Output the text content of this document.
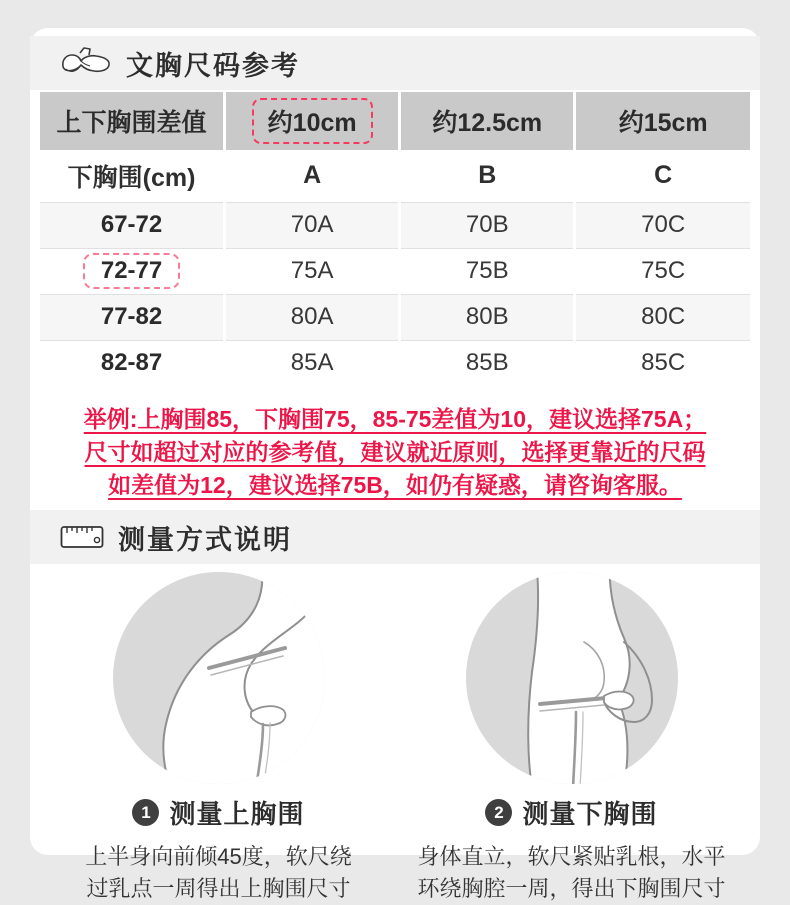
文胸尺码参考
上下胸围差值	约10cm	约12.5cm	约15cm
下胸围(cm)	A	B	C
67-72	70A	70B	70C
72-77	75A	75B	75C
77-82	80A	80B	80C
82-87	85A	85B	85C
举例:上胸围85，下胸围75，85-75差值为10，建议选择75A；
尺寸如超过对应的参考值，建议就近原则，选择更靠近的尺码
如差值为12，建议选择75B，如仍有疑惑，请咨询客服。
测量方式说明
1 测量上胸围
上半身向前倾45度，软尺绕
过乳点一周得出上胸围尺寸
2 测量下胸围
身体直立，软尺紧贴乳根，水平
环绕胸腔一周，得出下胸围尺寸
